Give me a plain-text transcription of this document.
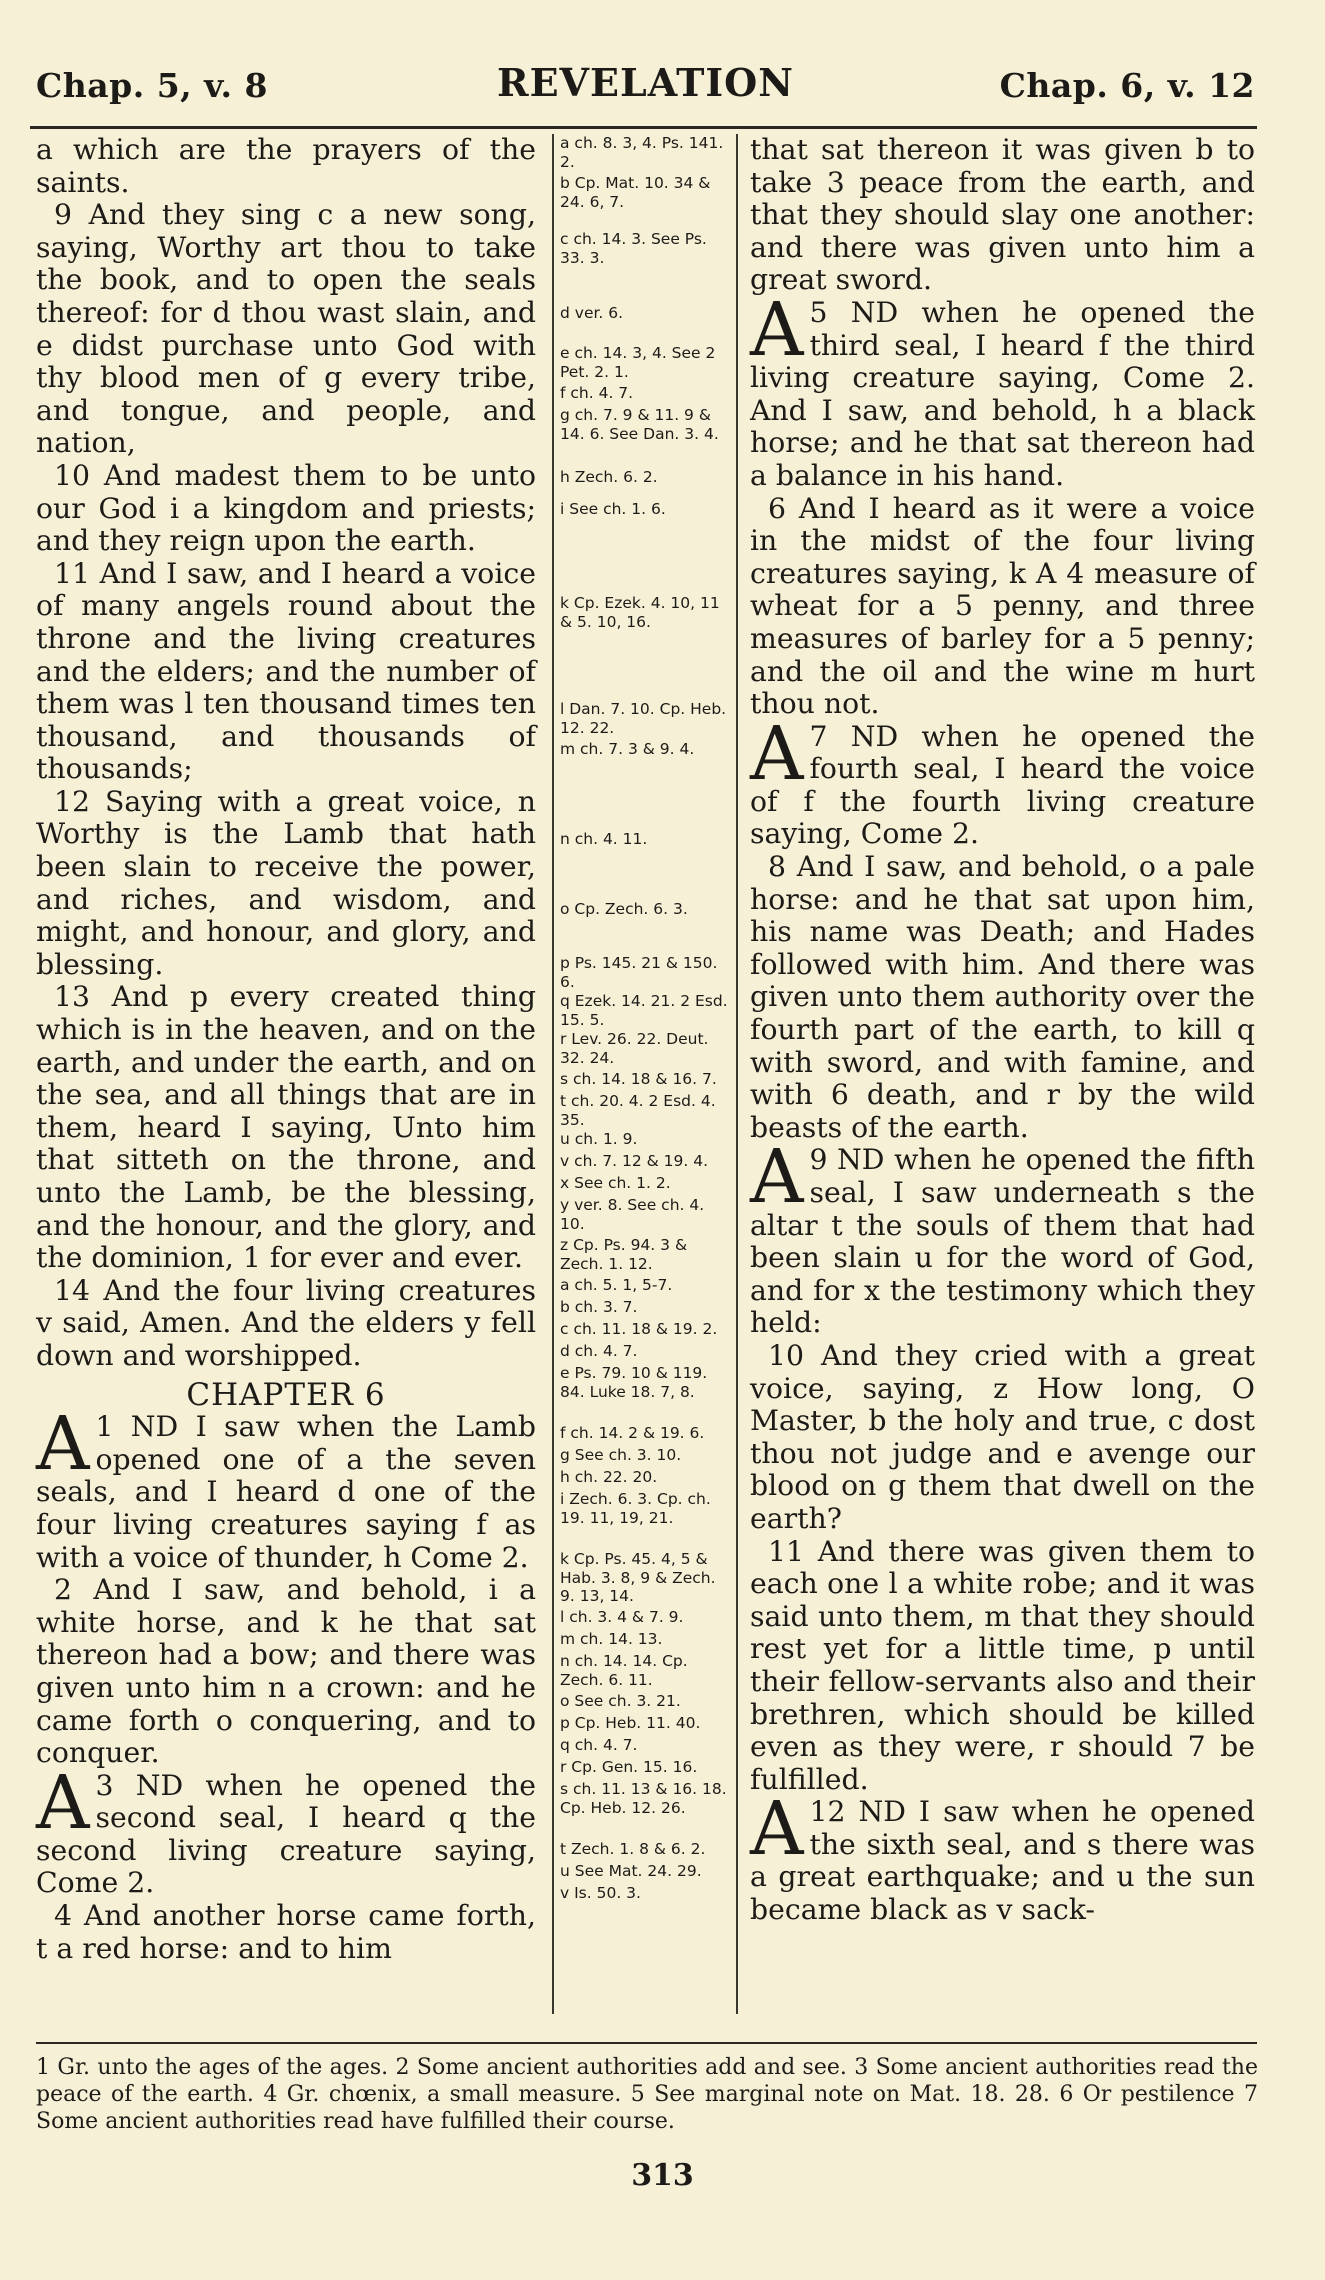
Chap. 5, v. 8	REVELATION	Chap. 6, v. 12

a which are the prayers of the saints.

9 And they sing c a new song, saying, Worthy art thou to take the book, and to open the seals thereof: for d thou wast slain, and e didst purchase unto God with thy blood men of g every tribe, and tongue, and people, and nation,

10 And madest them to be unto our God i a kingdom and priests; and they reign upon the earth.

11 And I saw, and I heard a voice of many angels round about the throne and the living creatures and the elders; and the number of them was l ten thousand times ten thousand, and thousands of thousands;

12 Saying with a great voice, n Worthy is the Lamb that hath been slain to receive the power, and riches, and wisdom, and might, and honour, and glory, and blessing.

13 And p every created thing which is in the heaven, and on the earth, and under the earth, and on the sea, and all things that are in them, heard I saying, Unto him that sitteth on the throne, and unto the Lamb, be the blessing, and the honour, and the glory, and the dominion, 1 for ever and ever.

14 And the four living creatures v said, Amen. And the elders y fell down and worshipped.

CHAPTER 6

1
A ND I saw when the Lamb opened one of a the seven seals, and I heard d one of the four living creatures saying f as with a voice of thunder, h Come 2.

2 And I saw, and behold, i a white horse, and k he that sat thereon had a bow; and there was given unto him n a crown: and he came forth o conquering, and to conquer.

3
A ND when he opened the second seal, I heard q the second living creature saying, Come 2.

4 And another horse came forth, t a red horse: and to him

a ch. 8. 3, 4. Ps. 141. 2.
b Cp. Mat. 10. 34 & 24. 6, 7.
c ch. 14. 3. See Ps. 33. 3.
d ver. 6.
e ch. 14. 3, 4. See 2 Pet. 2. 1.
f ch. 4. 7.
g ch. 7. 9 & 11. 9 & 14. 6. See Dan. 3. 4.
h Zech. 6. 2.
i See ch. 1. 6.
k Cp. Ezek. 4. 10, 11 & 5. 10, 16.
l Dan. 7. 10. Cp. Heb. 12. 22.
m ch. 7. 3 & 9. 4.
n ch. 4. 11.
o Cp. Zech. 6. 3.
p Ps. 145. 21 & 150. 6.
q Ezek. 14. 21. 2 Esd. 15. 5.
r Lev. 26. 22. Deut. 32. 24.
s ch. 14. 18 & 16. 7.
t ch. 20. 4. 2 Esd. 4. 35.
u ch. 1. 9.
v ch. 7. 12 & 19. 4.
x See ch. 1. 2.
y ver. 8. See ch. 4. 10.
z Cp. Ps. 94. 3 & Zech. 1. 12.
a ch. 5. 1, 5-7.
b ch. 3. 7.
c ch. 11. 18 & 19. 2.
d ch. 4. 7.
e Ps. 79. 10 & 119. 84. Luke 18. 7, 8.
f ch. 14. 2 & 19. 6.
g See ch. 3. 10.
h ch. 22. 20.
i Zech. 6. 3. Cp. ch. 19. 11, 19, 21.
k Cp. Ps. 45. 4, 5 & Hab. 3. 8, 9 & Zech. 9. 13, 14.
l ch. 3. 4 & 7. 9.
m ch. 14. 13.
n ch. 14. 14. Cp. Zech. 6. 11.
o See ch. 3. 21.
p Cp. Heb. 11. 40.
q ch. 4. 7.
r Cp. Gen. 15. 16.
s ch. 11. 13 & 16. 18. Cp. Heb. 12. 26.
t Zech. 1. 8 & 6. 2.
u See Mat. 24. 29.
v Is. 50. 3.

that sat thereon it was given b to take 3 peace from the earth, and that they should slay one another: and there was given unto him a great sword.

5
A ND when he opened the third seal, I heard f the third living creature saying, Come 2. And I saw, and behold, h a black horse; and he that sat thereon had a balance in his hand.

6 And I heard as it were a voice in the midst of the four living creatures saying, k A 4 measure of wheat for a 5 penny, and three measures of barley for a 5 penny; and the oil and the wine m hurt thou not.

7
A ND when he opened the fourth seal, I heard the voice of f the fourth living creature saying, Come 2.

8 And I saw, and behold, o a pale horse: and he that sat upon him, his name was Death; and Hades followed with him. And there was given unto them authority over the fourth part of the earth, to kill q with sword, and with famine, and with 6 death, and r by the wild beasts of the earth.

9
A ND when he opened the fifth seal, I saw underneath s the altar t the souls of them that had been slain u for the word of God, and for x the testimony which they held:

10 And they cried with a great voice, saying, z How long, O Master, b the holy and true, c dost thou not judge and e avenge our blood on g them that dwell on the earth?

11 And there was given them to each one l a white robe; and it was said unto them, m that they should rest yet for a little time, p until their fellow-servants also and their brethren, which should be killed even as they were, r should 7 be fulfilled.

12
A ND I saw when he opened the sixth seal, and s there was a great earthquake; and u the sun became black as v sack-

1 Gr. unto the ages of the ages. 2 Some ancient authorities add and see. 3 Some ancient authorities read the peace of the earth. 4 Gr. chœnix, a small measure. 5 See marginal note on Mat. 18. 28. 6 Or pestilence 7 Some ancient authorities read have fulfilled their course.
313
